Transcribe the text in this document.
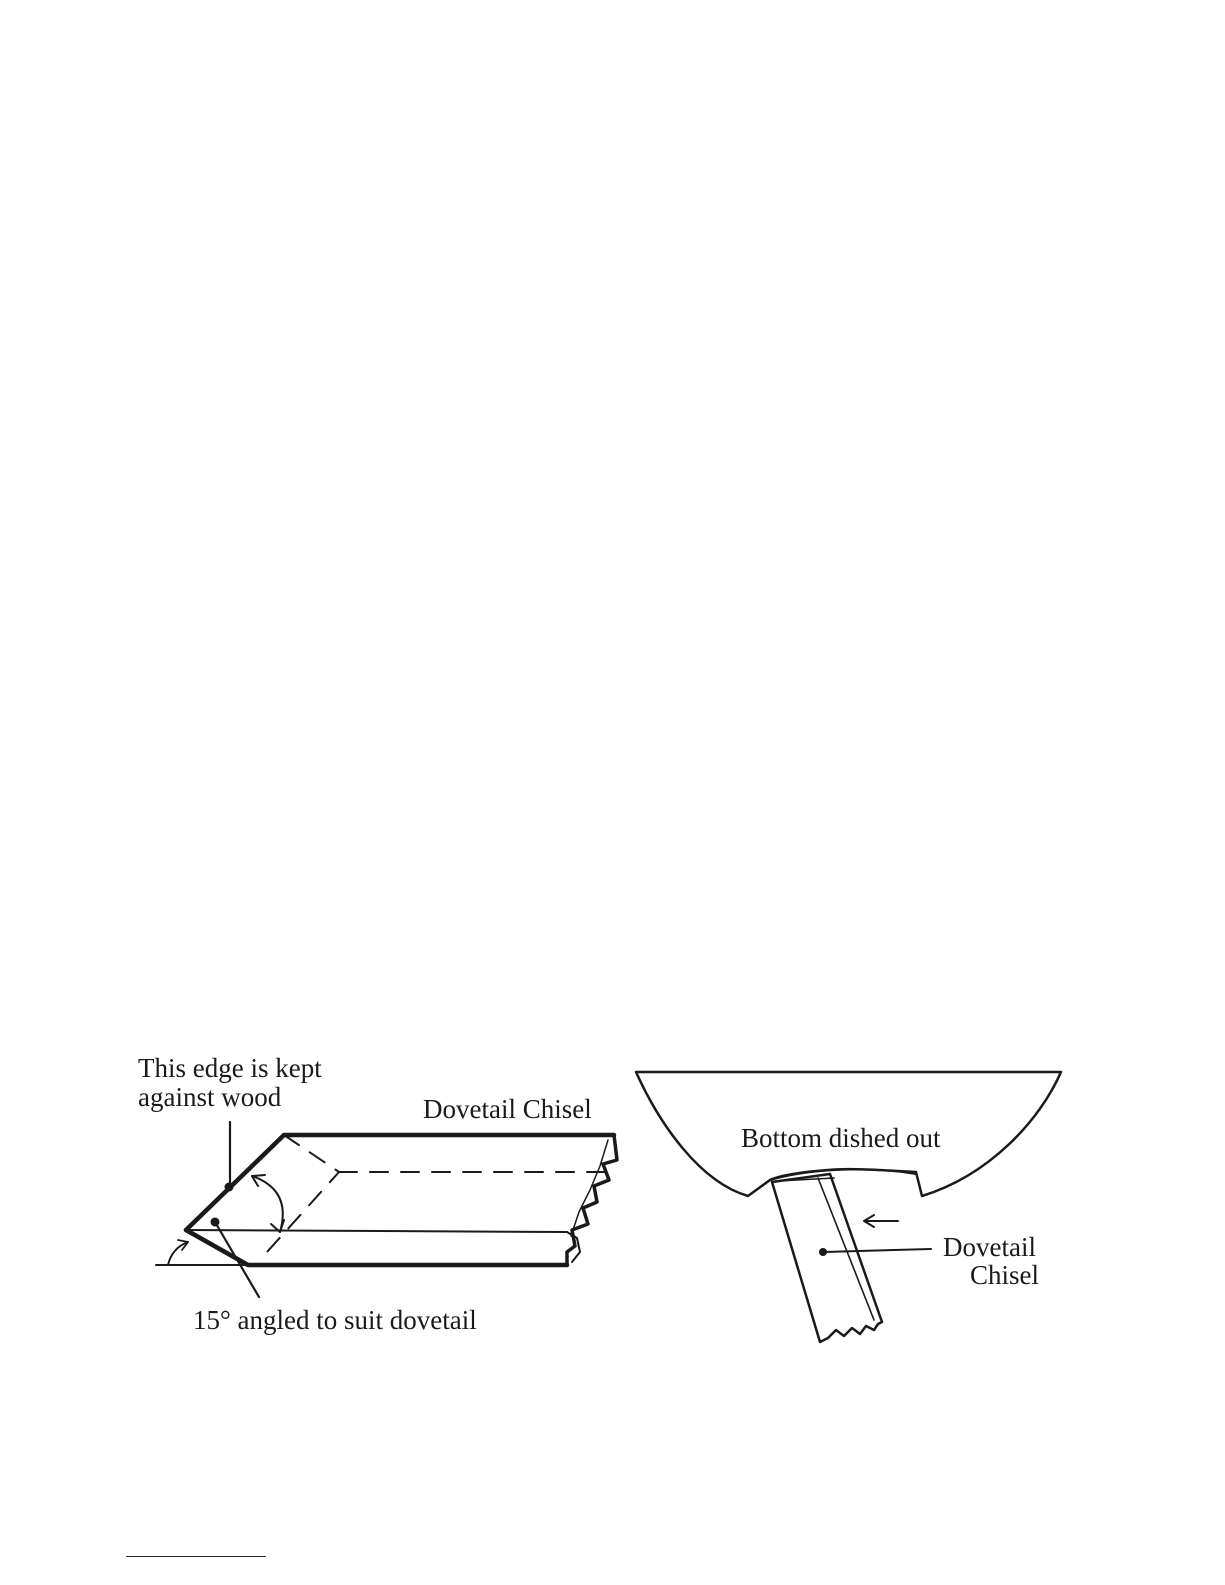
This edge is kept
against wood	Dovetail Chisel
15° angled to suit dovetail
Bottom dished out
Dovetail
Chisel
